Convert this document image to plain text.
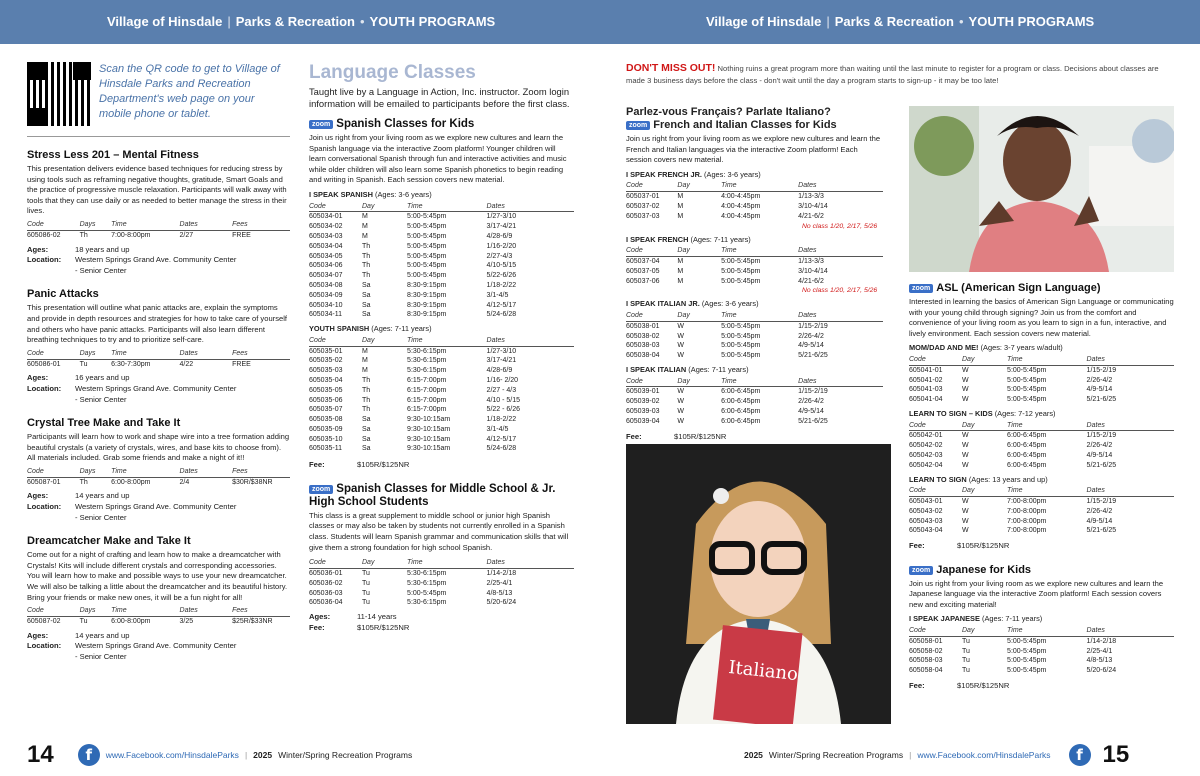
Village of Hinsdale | Parks & Recreation • YOUTH PROGRAMS	Village of Hinsdale | Parks & Recreation • YOUTH PROGRAMS
Scan the QR code to get to Village of Hinsdale Parks and Recreation Department's web page on your mobile phone or tablet.
Stress Less 201 – Mental Fitness
This presentation delivers evidence based techniques for reducing stress by using tools such as reframing negative thoughts, gratitude, Smart Goals and the practice of progressive muscle relaxation. Participants will walk away with tools that they can use daily or as needed to better manage the stress in their lives.
Code	Days	Time	Dates	Fees
605086-02	Th	7:00-8:00pm	2/27	FREE
Ages:	18 years and up
Location:	Western Springs Grand Ave. Community Center
- Senior Center
Panic Attacks
This presentation will outline what panic attacks are, explain the symptoms and provide in depth resources and strategies for how to take care of yourself and others who have panic attacks. Participants will also learn different breathing techniques to try and to prioritize self-care.
Code	Days	Time	Dates	Fees
605086-01	Tu	6:30-7:30pm	4/22	FREE
Ages:	16 years and up
Location:	Western Springs Grand Ave. Community Center
- Senior Center
Crystal Tree Make and Take It
Participants will learn how to work and shape wire into a tree formation adding beautiful crystals (a variety of crystals, wires, and base kits to choose from). All materials included. Grab some friends and make a night of it!!
Code	Days	Time	Dates	Fees
605087-01	Th	6:00-8:00pm	2/4	$30R/$38NR
Ages:	14 years and up
Location:	Western Springs Grand Ave. Community Center
- Senior Center
Dreamcatcher Make and Take It
Come out for a night of crafting and learn how to make a dreamcatcher with Crystals! Kits will include different crystals and corresponding accessories. You will learn how to make and possible ways to use your new dreamcatcher. We will also be talking a little about the dreamcatcher and its beautiful history. Bring your friends or make new ones, it will be a fun night for all!
Code	Days	Time	Dates	Fees
605087-02	Tu	6:00-8:00pm	3/25	$25R/$33NR
Ages:	14 years and up
Location:	Western Springs Grand Ave. Community Center
- Senior Center
Language Classes
Taught live by a Language in Action, Inc. instructor. Zoom login information will be emailed to participants before the first class.
zoom Spanish Classes for Kids
Join us right from your living room as we explore new cultures and learn the Spanish language via the interactive Zoom platform! Younger children will learn conversational Spanish through fun and interactive activities and music while older children will also learn some Spanish phonetics to begin reading and writing in Spanish. Each session covers new material.
I SPEAK SPANISH (Ages: 3-6 years)
Code	Day	Time	Dates
605034-01	M	5:00-5:45pm	1/27-3/10
605034-02	M	5:00-5:45pm	3/17-4/21
605034-03	M	5:00-5:45pm	4/28-6/9
605034-04	Th	5:00-5:45pm	1/16-2/20
605034-05	Th	5:00-5:45pm	2/27-4/3
605034-06	Th	5:00-5:45pm	4/10-5/15
605034-07	Th	5:00-5:45pm	5/22-6/26
605034-08	Sa	8:30-9:15pm	1/18-2/22
605034-09	Sa	8:30-9:15pm	3/1-4/5
605034-10	Sa	8:30-9:15pm	4/12-5/17
605034-11	Sa	8:30-9:15pm	5/24-6/28
YOUTH SPANISH (Ages: 7-11 years)
Code	Day	Time	Dates
605035-01	M	5:30-6:15pm	1/27-3/10
605035-02	M	5:30-6:15pm	3/17-4/21
605035-03	M	5:30-6:15pm	4/28-6/9
605035-04	Th	6:15-7:00pm	1/16- 2/20
605035-05	Th	6:15-7:00pm	2/27 - 4/3
605035-06	Th	6:15-7:00pm	4/10 - 5/15
605035-07	Th	6:15-7:00pm	5/22 - 6/26
605035-08	Sa	9:30-10:15am	1/18-2/22
605035-09	Sa	9:30-10:15am	3/1-4/5
605035-10	Sa	9:30-10:15am	4/12-5/17
605035-11	Sa	9:30-10:15am	5/24-6/28
Fee:	$105R/$125NR
zoom Spanish Classes for Middle School & Jr. High School Students
This class is a great supplement to middle school or junior high Spanish classes or may also be taken by students not currently enrolled in a Spanish class. Students will learn Spanish grammar and communication skills that will give them a strong foundation for high school Spanish.
Code	Day	Time	Dates
605036-01	Tu	5:30-6:15pm	1/14-2/18
605036-02	Tu	5:30-6:15pm	2/25-4/1
605036-03	Tu	5:00-5:45pm	4/8-5/13
605036-04	Tu	5:30-6:15pm	5/20-6/24
Ages:	11-14 years
Fee:	$105R/$125NR
DON'T MISS OUT! Nothing ruins a great program more than waiting until the last minute to register for a program or class. Decisions about classes are made 3 business days before the class - don't wait until the day a program starts to sign-up - it may be too late!
Parlez-vous Français? Parlate Italiano?
zoom French and Italian Classes for Kids
Join us right from your living room as we explore new cultures and learn the French and Italian languages via the interactive Zoom platform! Each session covers new material.
I SPEAK FRENCH JR. (Ages: 3-6 years)
Code	Day	Time	Dates
605037-01	M	4:00-4:45pm	1/13-3/3
605037-02	M	4:00-4:45pm	3/10-4/14
605037-03	M	4:00-4:45pm	4/21-6/2
No class 1/20, 2/17, 5/26
I SPEAK FRENCH (Ages: 7-11 years)
Code	Day	Time	Dates
605037-04	M	5:00-5:45pm	1/13-3/3
605037-05	M	5:00-5:45pm	3/10-4/14
605037-06	M	5:00-5:45pm	4/21-6/2
No class 1/20, 2/17, 5/26
I SPEAK ITALIAN JR. (Ages: 3-6 years)
Code	Day	Time	Dates
605038-01	W	5:00-5:45pm	1/15-2/19
605038-02	W	5:00-5:45pm	2/26-4/2
605038-03	W	5:00-5:45pm	4/9-5/14
605038-04	W	5:00-5:45pm	5/21-6/25
I SPEAK ITALIAN (Ages: 7-11 years)
Code	Day	Time	Dates
605039-01	W	6:00-6:45pm	1/15-2/19
605039-02	W	6:00-6:45pm	2/26-4/2
605039-03	W	6:00-6:45pm	4/9-5/14
605039-04	W	6:00-6:45pm	5/21-6/25
Fee:	$105R/$125NR
Italiano
zoom ASL (American Sign Language)
Interested in learning the basics of American Sign Language or communicating with your young child through signing? Join us from the comfort and convenience of your living room as you learn to sign in a fun, interactive, and lively environment. Each session covers new material.
MOM/DAD AND ME! (Ages: 3-7 years w/adult)
Code	Day	Time	Dates
605041-01	W	5:00-5:45pm	1/15-2/19
605041-02	W	5:00-5:45pm	2/26-4/2
605041-03	W	5:00-5:45pm	4/9-5/14
605041-04	W	5:00-5:45pm	5/21-6/25
LEARN TO SIGN – KIDS (Ages: 7-12 years)
Code	Day	Time	Dates
605042-01	W	6:00-6:45pm	1/15-2/19
605042-02	W	6:00-6:45pm	2/26-4/2
605042-03	W	6:00-6:45pm	4/9-5/14
605042-04	W	6:00-6:45pm	5/21-6/25
LEARN TO SIGN (Ages: 13 years and up)
Code	Day	Time	Dates
605043-01	W	7:00-8:00pm	1/15-2/19
605043-02	W	7:00-8:00pm	2/26-4/2
605043-03	W	7:00-8:00pm	4/9-5/14
605043-04	W	7:00-8:00pm	5/21-6/25
Fee:	$105R/$125NR
zoom Japanese for Kids
Join us right from your living room as we explore new cultures and learn the Japanese language via the interactive Zoom platform! Each session covers new and exciting material!
I SPEAK JAPANESE (Ages: 7-11 years)
Code	Day	Time	Dates
605058-01	Tu	5:00-5:45pm	1/14-2/18
605058-02	Tu	5:00-5:45pm	2/25-4/1
605058-03	Tu	5:00-5:45pm	4/8-5/13
605058-04	Tu	5:00-5:45pm	5/20-6/24
Fee:	$105R/$125NR
14	f	www.Facebook.com/HinsdaleParks | 2025 Winter/Spring Recreation Programs	2025 Winter/Spring Recreation Programs | www.Facebook.com/HinsdaleParks	f 15
